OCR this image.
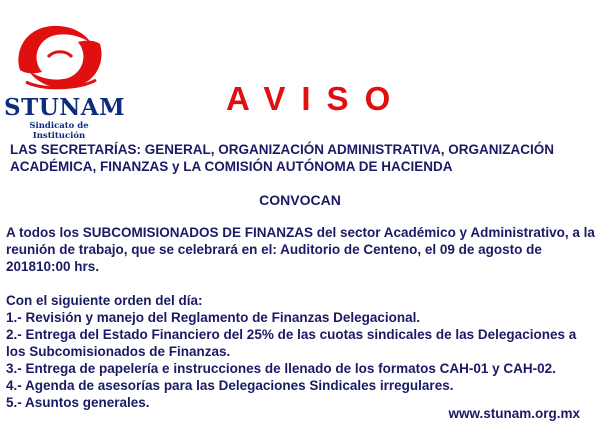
STUNAM
Sindicato de Institución
AVISO
LAS SECRETARÍAS: GENERAL, ORGANIZACIÓN ADMINISTRATIVA, ORGANIZACIÓN ACADÉMICA, FINANZAS y LA COMISIÓN AUTÓNOMA DE HACIENDA
CONVOCAN
A todos los SUBCOMISIONADOS DE FINANZAS del sector Académico y Administrativo, a la reunión de trabajo, que se celebrará en el: Auditorio de Centeno, el 09 de agosto de 201810:00 hrs.
Con el siguiente orden del día:
1.- Revisión y manejo del Reglamento de Finanzas Delegacional.
2.- Entrega del Estado Financiero del 25% de las cuotas sindicales de las Delegaciones a los Subcomisionados de Finanzas.
3.- Entrega de papelería e instrucciones de llenado de los formatos CAH-01 y CAH-02.
4.- Agenda de asesorías para las Delegaciones Sindicales irregulares.
5.- Asuntos generales.
www.stunam.org.mx
